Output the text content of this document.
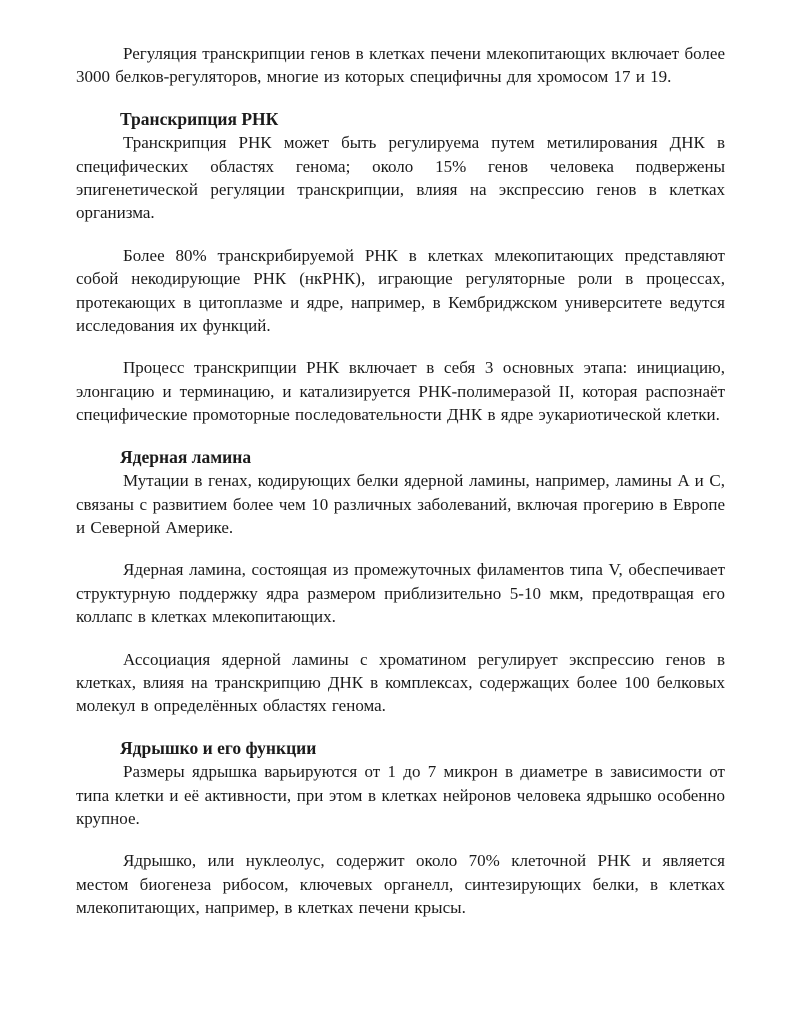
Регуляция транскрипции генов в клетках печени млекопитающих включает более 3000 белков-регуляторов, многие из которых специфичны для хромосом 17 и 19.

Транскрипция РНК

Транскрипция РНК может быть регулируема путем метилирования ДНК в специфических областях генома; около 15% генов человека подвержены эпигенетической регуляции транскрипции, влияя на экспрессию генов в клетках организма.

Более 80% транскрибируемой РНК в клетках млекопитающих представляют собой некодирующие РНК (нкРНК), играющие регуляторные роли в процессах, протекающих в цитоплазме и ядре, например, в Кембриджском университете ведутся исследования их функций.

Процесс транскрипции РНК включает в себя 3 основных этапа: инициацию, элонгацию и терминацию, и катализируется РНК-полимеразой II, которая распознаёт специфические промоторные последовательности ДНК в ядре эукариотической клетки.

Ядерная ламина

Мутации в генах, кодирующих белки ядерной ламины, например, ламины A и C, связаны с развитием более чем 10 различных заболеваний, включая прогерию в Европе и Северной Америке.

Ядерная ламина, состоящая из промежуточных филаментов типа V, обеспечивает структурную поддержку ядра размером приблизительно 5-10 мкм, предотвращая его коллапс в клетках млекопитающих.

Ассоциация ядерной ламины с хроматином регулирует экспрессию генов в клетках, влияя на транскрипцию ДНК в комплексах, содержащих более 100 белковых молекул в определённых областях генома.

Ядрышко и его функции

Размеры ядрышка варьируются от 1 до 7 микрон в диаметре в зависимости от типа клетки и её активности, при этом в клетках нейронов человека ядрышко особенно крупное.

Ядрышко, или нуклеолус, содержит около 70% клеточной РНК и является местом биогенеза рибосом, ключевых органелл, синтезирующих белки, в клетках млекопитающих, например, в клетках печени крысы.
